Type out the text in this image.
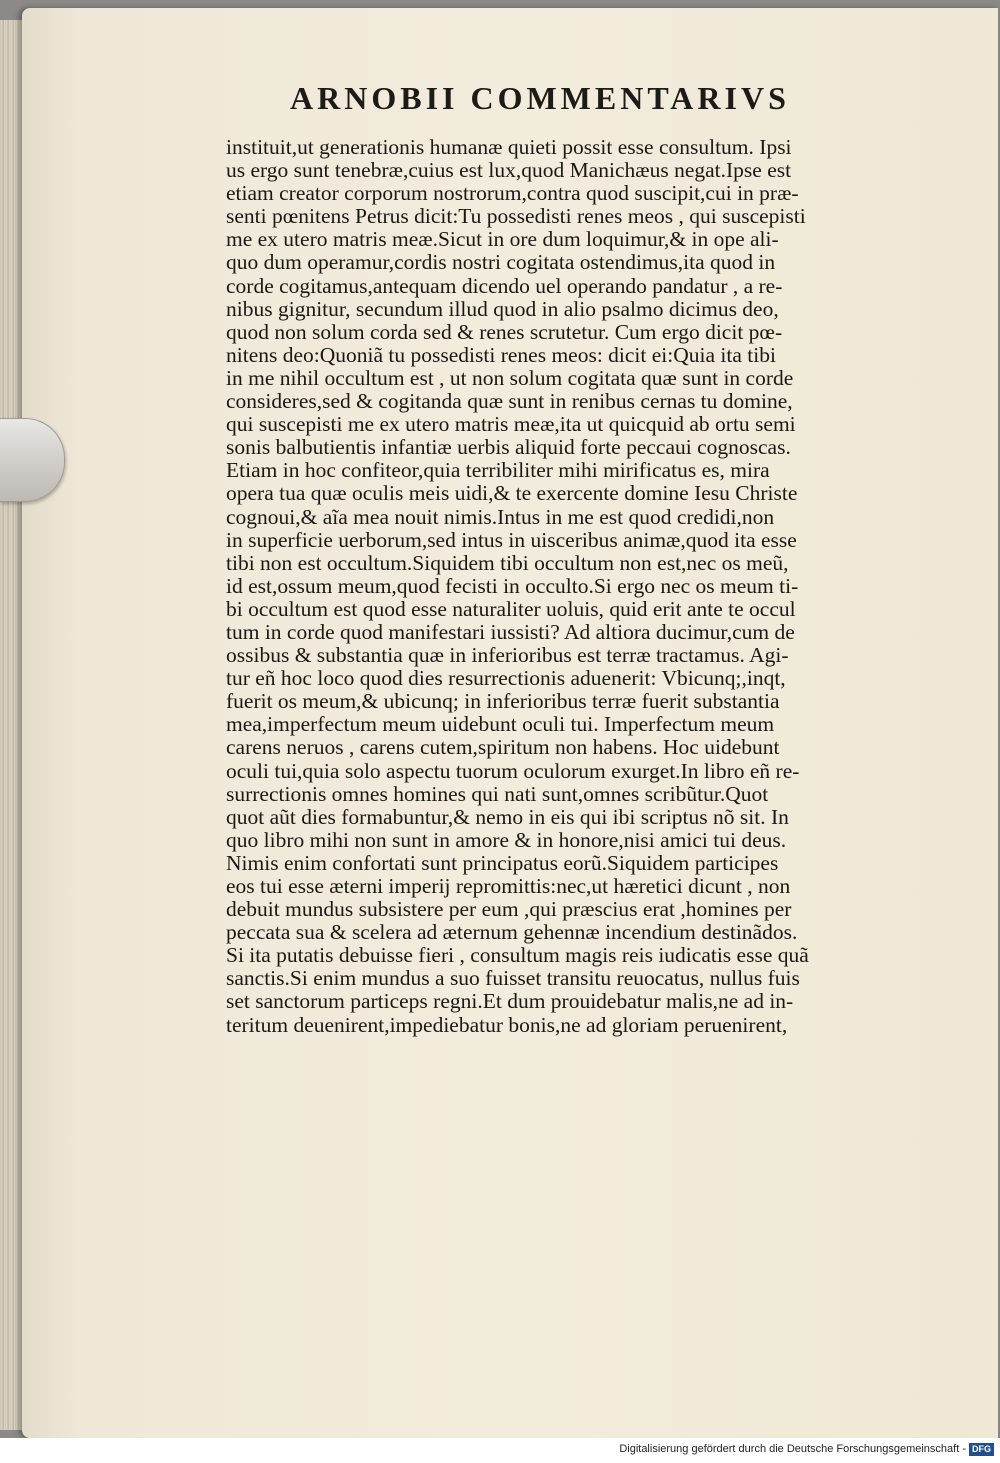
ARNOBII COMMENTARIVS
instituit,ut generationis humanæ quieti possit esse consultum. Ipsi
us ergo sunt tenebræ,cuius est lux,quod Manichæus negat.Ipse est
etiam creator corporum nostrorum,contra quod suscipit,cui in præ-
senti pœnitens Petrus dicit:Tu possedisti renes meos , qui suscepisti
me ex utero matris meæ.Sicut in ore dum loquimur,& in ope ali-
quo dum operamur,cordis nostri cogitata ostendimus,ita quod in
corde cogitamus,antequam dicendo uel operando pandatur , a re-
nibus gignitur, secundum illud quod in alio psalmo dicimus deo,
quod non solum corda sed & renes scrutetur. Cum ergo dicit pœ-
nitens deo:Quoniã tu possedisti renes meos: dicit ei:Quia ita tibi
in me nihil occultum est , ut non solum cogitata quæ sunt in corde
consideres,sed & cogitanda quæ sunt in renibus cernas tu domine,
qui suscepisti me ex utero matris meæ,ita ut quicquid ab ortu semi
sonis balbutientis infantiæ uerbis aliquid forte peccaui cognoscas.
Etiam in hoc confiteor,quia terribiliter mihi mirificatus es, mira
opera tua quæ oculis meis uidi,& te exercente domine Iesu Christe
cognoui,& aĩa mea nouit nimis.Intus in me est quod credidi,non
in superficie uerborum,sed intus in uisceribus animæ,quod ita esse
tibi non est occultum.Siquidem tibi occultum non est,nec os meũ,
id est,ossum meum,quod fecisti in occulto.Si ergo nec os meum ti-
bi occultum est quod esse naturaliter uoluis, quid erit ante te occul
tum in corde quod manifestari iussisti? Ad altiora ducimur,cum de
ossibus & substantia quæ in inferioribus est terræ tractamus. Agi-
tur eñ hoc loco quod dies resurrectionis aduenerit: Vbicunq;,inqt,
fuerit os meum,& ubicunq; in inferioribus terræ fuerit substantia
mea,imperfectum meum uidebunt oculi tui. Imperfectum meum
carens neruos , carens cutem,spiritum non habens. Hoc uidebunt
oculi tui,quia solo aspectu tuorum oculorum exurget.In libro eñ re-
surrectionis omnes homines qui nati sunt,omnes scribũtur.Quot
quot aũt dies formabuntur,& nemo in eis qui ibi scriptus nõ sit. In
quo libro mihi non sunt in amore & in honore,nisi amici tui deus.
Nimis enim confortati sunt principatus eorũ.Siquidem participes
eos tui esse æterni imperij repromittis:nec,ut hæretici dicunt , non
debuit mundus subsistere per eum ,qui præscius erat ,homines per
peccata sua & scelera ad æternum gehennæ incendium destinãdos.
Si ita putatis debuisse fieri , consultum magis reis iudicatis esse quã
sanctis.Si enim mundus a suo fuisset transitu reuocatus, nullus fuis
set sanctorum particeps regni.Et dum prouidebatur malis,ne ad in-
teritum deuenirent,impediebatur bonis,ne ad gloriam peruenirent,
Digitalisierung gefördert durch die Deutsche Forschungsgemeinschaft - DFG
